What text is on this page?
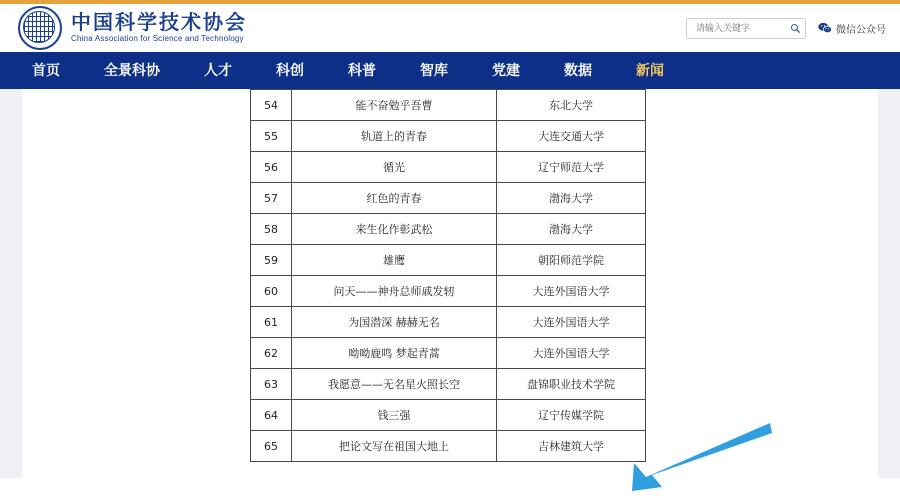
中国科学技术协会
China Association for Science and Technology
请输入关键字
微信公众号
首页	全景科协	人才	科创	科普	智库	党建	数据	新闻
54	能不奋勉乎吾曹	东北大学
55	轨道上的青春	大连交通大学
56	循光	辽宁师范大学
57	红色的青春	渤海大学
58	来生化作彰武松	渤海大学
59	雄鹰	朝阳师范学院
60	问天——神舟总师戚发轫	大连外国语大学
61	为国潜深 赫赫无名	大连外国语大学
62	呦呦鹿鸣 梦起青蒿	大连外国语大学
63	我愿意——无名星火照长空	盘锦职业技术学院
64	钱三强	辽宁传媒学院
65	把论文写在祖国大地上	吉林建筑大学
